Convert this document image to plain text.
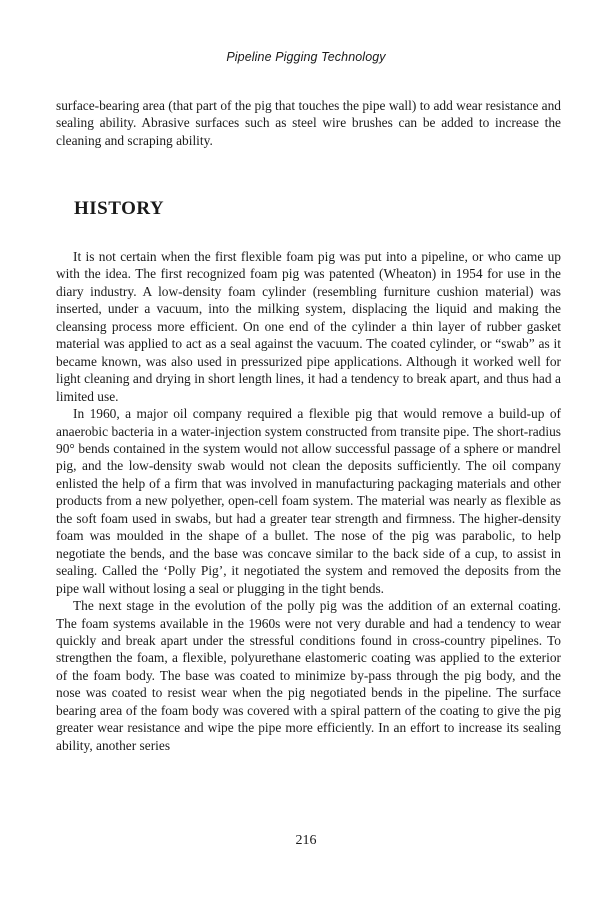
Pipeline Pigging Technology

surface-bearing area (that part of the pig that touches the pipe wall) to add wear resistance and sealing ability. Abrasive surfaces such as steel wire brushes can be added to increase the cleaning and scraping ability.

HISTORY

It is not certain when the first flexible foam pig was put into a pipeline, or who came up with the idea. The first recognized foam pig was patented (Wheaton) in 1954 for use in the diary industry. A low-density foam cylinder (resembling furniture cushion material) was inserted, under a vacuum, into the milking system, displacing the liquid and making the cleansing process more efficient. On one end of the cylinder a thin layer of rubber gasket material was applied to act as a seal against the vacuum. The coated cylinder, or “swab” as it became known, was also used in pressurized pipe applications. Although it worked well for light cleaning and drying in short length lines, it had a tendency to break apart, and thus had a limited use.

In 1960, a major oil company required a flexible pig that would remove a build-up of anaerobic bacteria in a water-injection system constructed from transite pipe. The short-radius 90° bends contained in the system would not allow successful passage of a sphere or mandrel pig, and the low-density swab would not clean the deposits sufficiently. The oil company enlisted the help of a firm that was involved in manufacturing packaging materials and other products from a new polyether, open-cell foam system. The material was nearly as flexible as the soft foam used in swabs, but had a greater tear strength and firmness. The higher-density foam was moulded in the shape of a bullet. The nose of the pig was parabolic, to help negotiate the bends, and the base was concave similar to the back side of a cup, to assist in sealing. Called the ‘Polly Pig’, it negotiated the system and removed the deposits from the pipe wall without losing a seal or plugging in the tight bends.

The next stage in the evolution of the polly pig was the addition of an external coating. The foam systems available in the 1960s were not very durable and had a tendency to wear quickly and break apart under the stressful conditions found in cross-country pipelines. To strengthen the foam, a flexible, polyurethane elastomeric coating was applied to the exterior of the foam body. The base was coated to minimize by-pass through the pig body, and the nose was coated to resist wear when the pig negotiated bends in the pipeline. The surface bearing area of the foam body was covered with a spiral pattern of the coating to give the pig greater wear resistance and wipe the pipe more efficiently. In an effort to increase its sealing ability, another series

216
